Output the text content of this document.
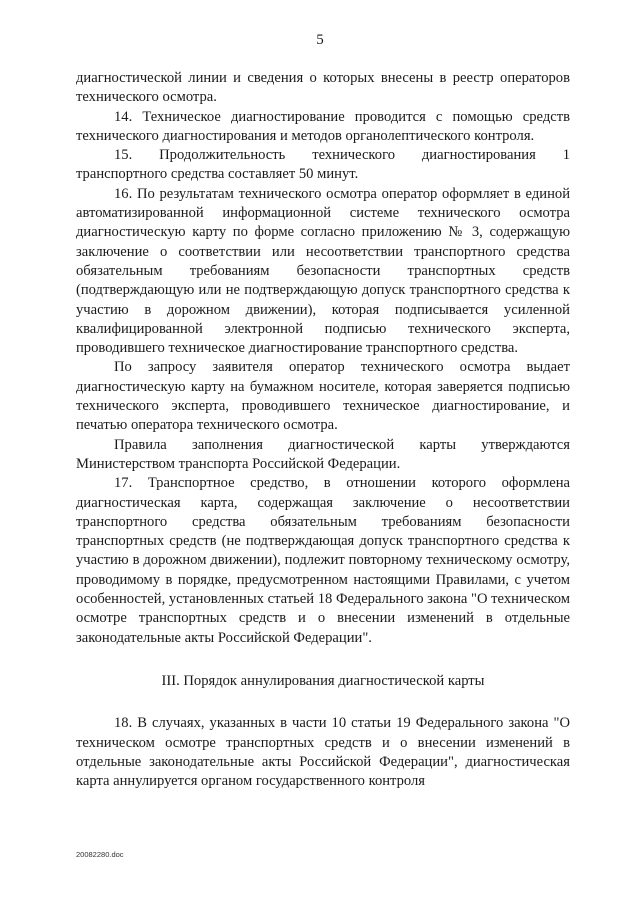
5

диагностической линии и сведения о которых внесены в реестр операторов технического осмотра.

14. Техническое диагностирование проводится с помощью средств технического диагностирования и методов органолептического контроля.

15. Продолжительность технического диагностирования 1 транспортного средства составляет 50 минут.

16. По результатам технического осмотра оператор оформляет в единой автоматизированной информационной системе технического осмотра диагностическую карту по форме согласно приложению № 3, содержащую заключение о соответствии или несоответствии транспортного средства обязательным требованиям безопасности транспортных средств (подтверждающую или не подтверждающую допуск транспортного средства к участию в дорожном движении), которая подписывается усиленной квалифицированной электронной подписью технического эксперта, проводившего техническое диагностирование транспортного средства.

По запросу заявителя оператор технического осмотра выдает диагностическую карту на бумажном носителе, которая заверяется подписью технического эксперта, проводившего техническое диагностирование, и печатью оператора технического осмотра.

Правила заполнения диагностической карты утверждаются Министерством транспорта Российской Федерации.

17. Транспортное средство, в отношении которого оформлена диагностическая карта, содержащая заключение о несоответствии транспортного средства обязательным требованиям безопасности транспортных средств (не подтверждающая допуск транспортного средства к участию в дорожном движении), подлежит повторному техническому осмотру, проводимому в порядке, предусмотренном настоящими Правилами, с учетом особенностей, установленных статьей 18 Федерального закона "О техническом осмотре транспортных средств и о внесении изменений в отдельные законодательные акты Российской Федерации".

III. Порядок аннулирования диагностической карты

18. В случаях, указанных в части 10 статьи 19 Федерального закона "О техническом осмотре транспортных средств и о внесении изменений в отдельные законодательные акты Российской Федерации", диагностическая карта аннулируется органом государственного контроля

20082280.doc
